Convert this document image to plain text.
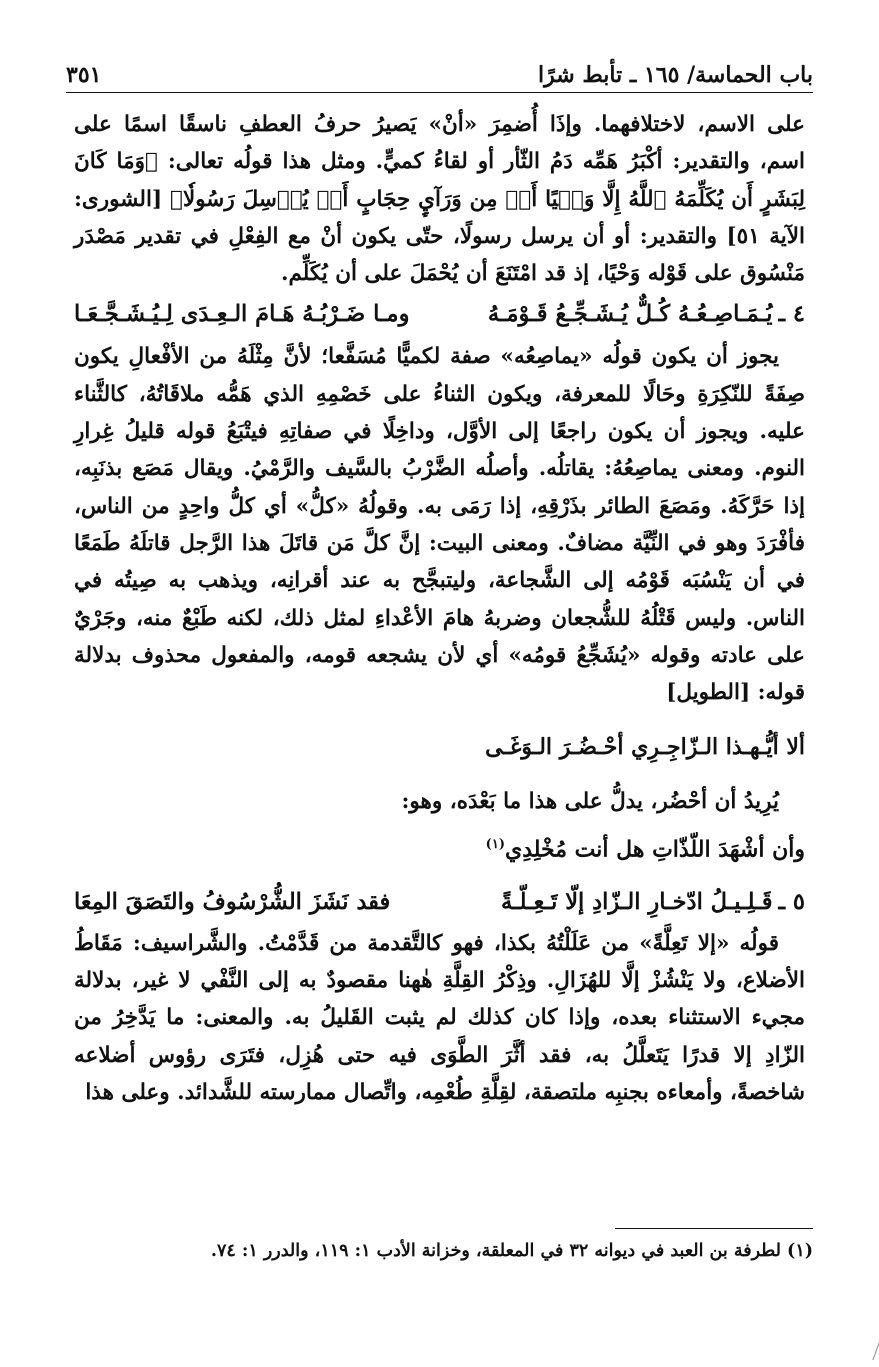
باب الحماسة/ ١٦٥ ـ تأبط شرًا
٣٥١

على الاسم، لاختلافهما. وإذَا أُضمِرَ «أنْ» يَصيرُ حرفُ العطفِ ناسقًا اسمًا على اسم، والتقدير: أكْبَرُ هَمِّه دَمُ الثّأر أو لقاءُ كميٍّ. ومثل هذا قولُه تعالى: ﴿وَمَا كَانَ لِبَشَرٍ أَن يُكَلِّمَهُ ٱللَّهُ إِلَّا وَحۡيًا أَوۡ مِن وَرَآيِٕ حِجَابٍ أَوۡ يُرۡسِلَ رَسُولٗا﴾ [الشورى: الآية ٥١] والتقدير: أو أن يرسل رسولًا، حتّى يكون أنْ مع الفِعْلِ في تقدير مَصْدَر مَنْسُوق على قَوْله وَحْيًا، إذ قد امْتَنَعَ أن يُحْمَلَ على أن يُكَلِّم.

٤ ـ
يُـمَـاصِـعُـهُ كُـلٌّ يُـشَـجِّـعُ قَـوْمَـهُ
ومـا ضَـرْبُـهُ هَـامَ الـعِـدَى لِـيُـشَـجَّـعَـا

يجوز أن يكون قولُه «يماصِعُه» صفة لكميًّا مُسَفَّعا؛ لأنَّ مِثْلَهُ من الأفْعالِ يكون صِفَةً للنّكِرَةِ وحَالًا للمعرفة، ويكون الثناءُ على خَصْمِهِ الذي هَمُّه ملاقَاتُهُ، كالثَّناء عليه. ويجوز أن يكون راجعًا إلى الأوَّل، وداخِلًا في صفاتِهِ فيتْبَعُ قوله قليلُ غِرارِ النوم. ومعنى يماصِعُهُ: يقاتلُه. وأصلُه الضَّرْبُ بالسَّيف والرَّمْيُ. ويقال مَصَع بذنَبِه، إذا حَرَّكَهُ. ومَصَعَ الطائر بذَرْقِهِ، إذا رَمَى به. وقولُهُ «كلُّ» أي كلُّ واحِدٍ من الناس، فأفْرَدَ وهو في النِّيَّة مضافٌ. ومعنى البيت: إنَّ كلَّ مَن قاتَلَ هذا الرَّجل قاتلَهُ طَمَعًا في أن يَنْسُبَه قَوْمُه إلى الشَّجاعة، وليتبجَّح به عند أقرانِه، ويذهب به صِيتُه في الناس. وليس قَتْلُهُ للشُّجعان وضربهُ هامَ الأعْداءِ لمثل ذلك، لكنه طَبْعٌ منه، وجَرْيٌ على عادته وقوله «يُشَجِّعُ قومُه» أي لأن يشجعه قومه، والمفعول محذوف بدلالة قوله: [الطويل]

ألا أيُّـهـذا الـزّاجِـرِي أحْـضُـرَ الـوَغَـى

يُرِيدُ أن أحْضُر، يدلُّ على هذا ما بَعْدَه، وهو:

وأن أشْهَدَ اللّذّاتِ هل أنت مُخْلِدِي$^{(١)}$
٥ ـ
قَـلِـيـلُ ادّخـارِ الـزّادِ إلّا تَـعِـلّـةً
فقد نَشَزَ الشُّرْسُوفُ والتَصَقَ المِعَا

قولُه «إلا تَعِلَّةً» من عَلَلْتُهُ بكذا، فهو كالتَّقدمة من قَدَّمْتُ. والشَّراسيف: مَقَاطُ الأضلاع، ولا يَنْشُزْ إلَّا للهُزَالِ. وذِكْرُ القِلَّةِ هٰهنا مقصودٌ به إلى النَّفْي لا غير، بدلالة مجيء الاستثناء بعده، وإذا كان كذلك لم يثبت القَليلُ به. والمعنى: ما يَدَّخِرُ من الزّادِ إلا قدرًا يَتَعلَّلُ به، فقد أثَّرَ الطَّوَى فيه حتى هُزِل، فتَرَى رؤوس أضلاعه شاخصةً، وأمعاءه بجنبِه ملتصقة، لقِلَّةِ طُعْمِه، واتِّصال ممارسته للشَّدائد. وعلى هذا

(١) لطرفة بن العبد في ديوانه ٣٢ في المعلقة، وخزانة الأدب ١: ١١٩، والدرر ١: ٧٤.
